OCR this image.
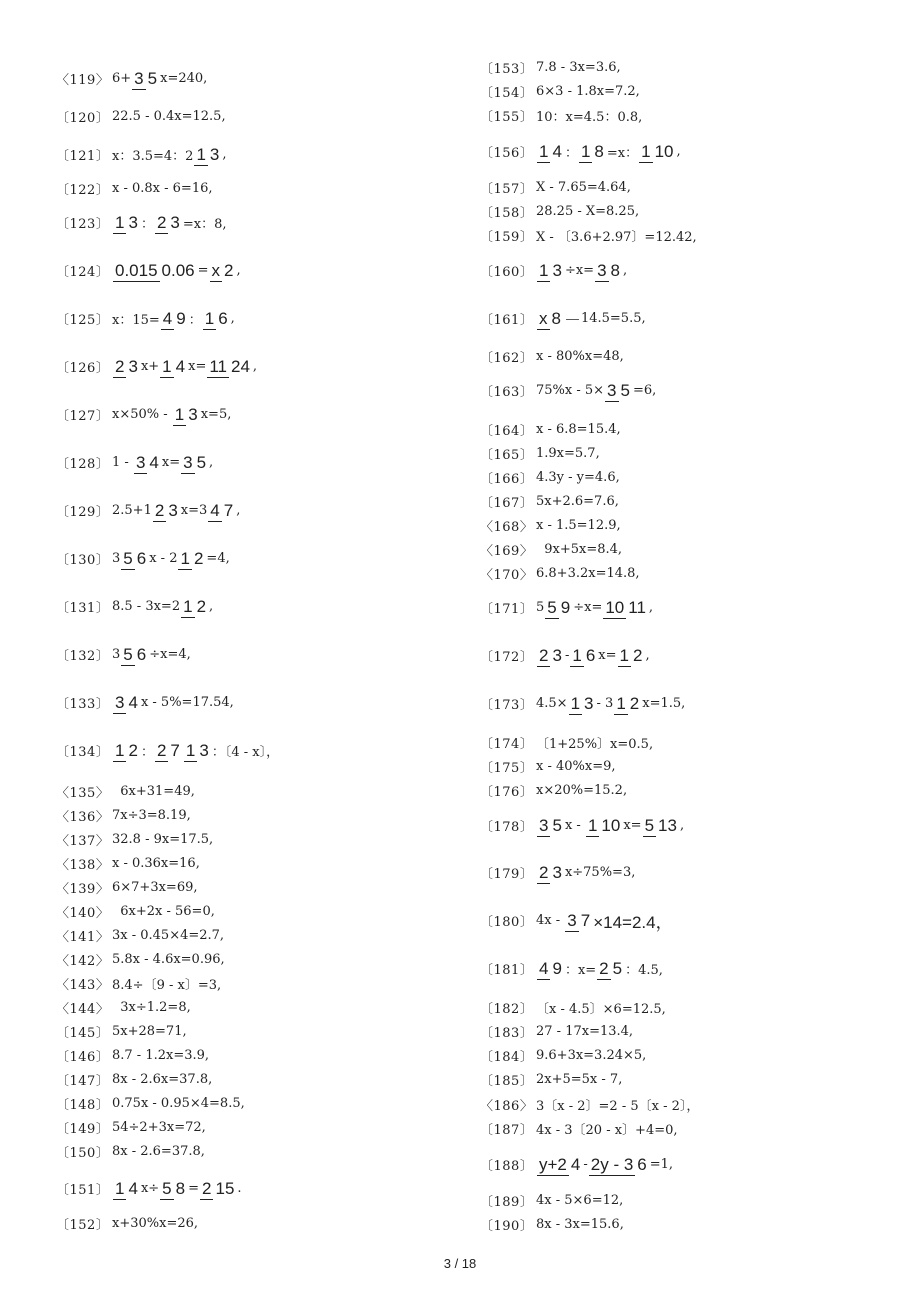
〈119〉 6+ 3 5 x=240,
〔120〕 22.5 - 0.4x=12.5,
〔121〕 x：3.5=4：2 1 3 ,
〔122〕 x - 0.8x - 6=16,
〔123〕 1 3 ： 2 3 =x：8,
〔124〕 0.015 0.06 = x 2 ,
〔125〕 x：15= 4 9 ： 1 6 ,
〔126〕 2 3 x+ 1 4 x= 11 24 ,
〔127〕 x×50% - 1 3 x=5,
〔128〕 1 - 3 4 x= 3 5 ,
〔129〕 2.5+1 2 3 x=3 4 7 ,
〔130〕 3 5 6 x - 2 1 2 =4,
〔131〕 8.5 - 3x=2 1 2 ,
〔132〕 3 5 6 ÷x=4,
〔133〕 3 4 x - 5%=17.54,
〔134〕 1 2 ： 2 7 1 3 ：〔4 - x〕，
〈135〉 6x+31=49,
〈136〉 7x÷3=8.19,
〈137〉 32.8 - 9x=17.5,
〈138〉 x - 0.36x=16,
〈139〉 6×7+3x=69,
〈140〉 6x+2x - 56=0,
〈141〉 3x - 0.45×4=2.7,
〈142〉 5.8x - 4.6x=0.96,
〈143〉 8.4÷〔9 - x〕=3,
〈144〉 3x÷1.2=8,
〔145〕 5x+28=71,
〔146〕 8.7 - 1.2x=3.9,
〔147〕 8x - 2.6x=37.8,
〔148〕 0.75x - 0.95×4=8.5,
〔149〕 54÷2+3x=72,
〔150〕 8x - 2.6=37.8,
〔151〕 1 4 x÷ 5 8 = 2 15 .
〔152〕 x+30%x=26,
〔153〕 7.8 - 3x=3.6,
〔154〕 6×3 - 1.8x=7.2,
〔155〕 10：x=4.5：0.8,
〔156〕 1 4 ： 1 8 =x： 1 10 ,
〔157〕 X - 7.65=4.64,
〔158〕 28.25 - X=8.25,
〔159〕 X - 〔3.6+2.97〕=12.42,
〔160〕 1 3 ÷x= 3 8 ,
〔161〕 x 8 － 14.5=5.5,
〔162〕 x - 80%x=48,
〔163〕 75%x - 5× 3 5 =6,
〔164〕 x - 6.8=15.4,
〔165〕 1.9x=5.7,
〔166〕 4.3y - y=4.6,
〔167〕 5x+2.6=7.6,
〈168〉 x - 1.5=12.9,
〈169〉 9x+5x=8.4,
〈170〉 6.8+3.2x=14.8,
〔171〕 5 5 9 ÷x= 10 11 ,
〔172〕 2 3 - 1 6 x= 1 2 ,
〔173〕 4.5× 1 3 - 3 1 2 x=1.5,
〔174〕 〔1+25%〕x=0.5,
〔175〕 x - 40%x=9,
〔176〕 x×20%=15.2,
〔178〕 3 5 x - 1 10 x= 5 13 ,
〔179〕 2 3 x÷75%=3,
〔180〕 4x - 3 7 ×14=2.4，
〔181〕 4 9 ：x= 2 5 ：4.5,
〔182〕 〔x - 4.5〕×6=12.5,
〔183〕 27 - 17x=13.4,
〔184〕 9.6+3x=3.24×5,
〔185〕 2x+5=5x - 7,
〈186〉 3〔x - 2〕=2 - 5〔x - 2〕，
〔187〕 4x - 3〔20 - x〕+4=0,
〔188〕 y+2 4 - 2y - 3 6 =1,
〔189〕 4x - 5×6=12,
〔190〕 8x - 3x=15.6,
3 / 18
